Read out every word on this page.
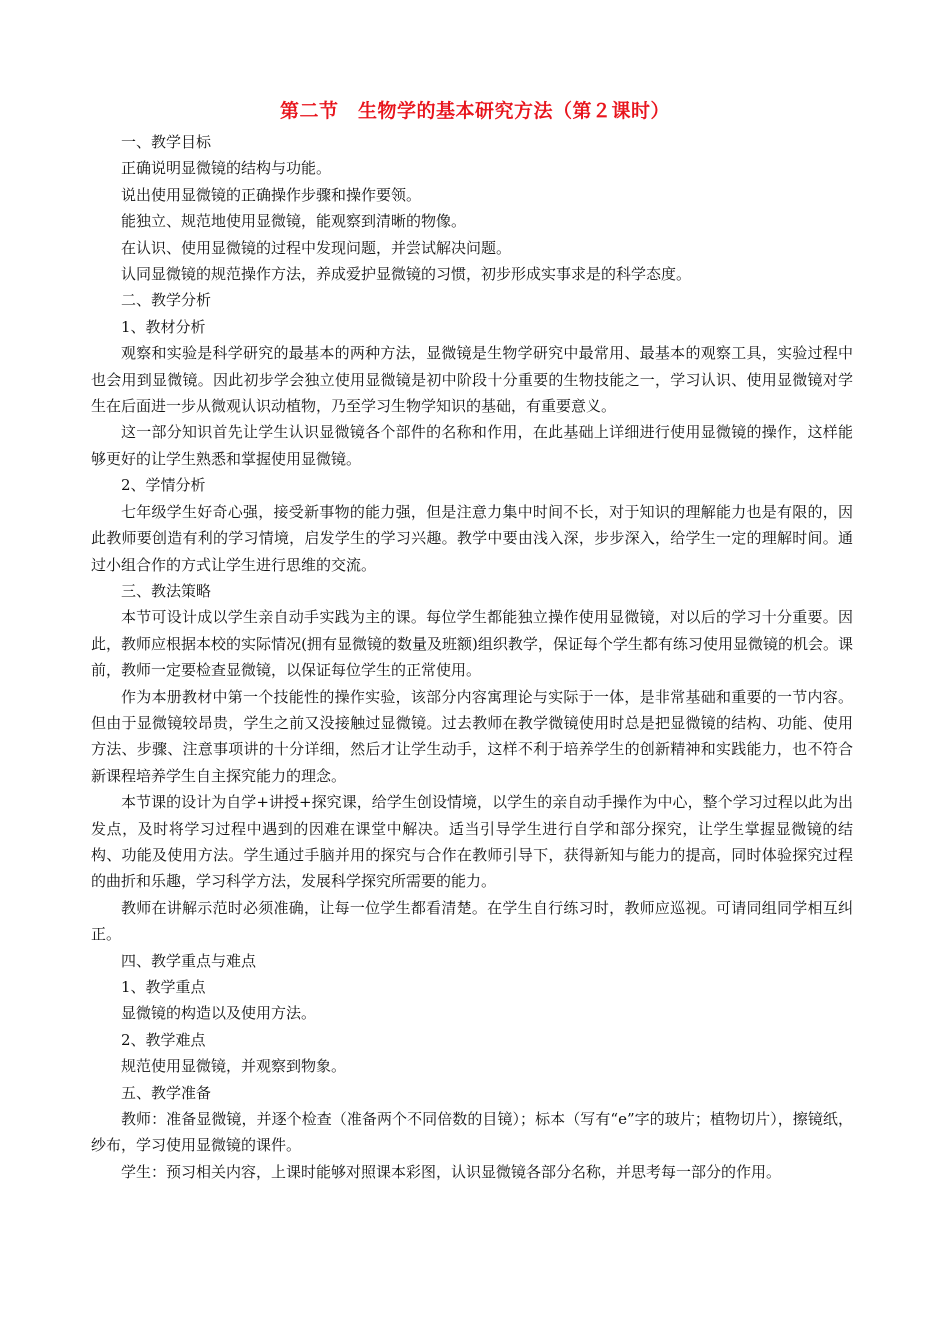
第二节　生物学的基本研究方法（第２课时）

一、教学目标

正确说明显微镜的结构与功能。

说出使用显微镜的正确操作步骤和操作要领。

能独立、规范地使用显微镜，能观察到清晰的物像。

在认识、使用显微镜的过程中发现问题，并尝试解决问题。

认同显微镜的规范操作方法，养成爱护显微镜的习惯，初步形成实事求是的科学态度。

二、教学分析

1、教材分析

观察和实验是科学研究的最基本的两种方法，显微镜是生物学研究中最常用、最基本的观察工具，实验过程中也会用到显微镜。因此初步学会独立使用显微镜是初中阶段十分重要的生物技能之一，学习认识、使用显微镜对学生在后面进一步从微观认识动植物，乃至学习生物学知识的基础，有重要意义。

这一部分知识首先让学生认识显微镜各个部件的名称和作用，在此基础上详细进行使用显微镜的操作，这样能够更好的让学生熟悉和掌握使用显微镜。

2、学情分析

七年级学生好奇心强，接受新事物的能力强，但是注意力集中时间不长，对于知识的理解能力也是有限的，因此教师要创造有利的学习情境，启发学生的学习兴趣。教学中要由浅入深，步步深入，给学生一定的理解时间。通过小组合作的方式让学生进行思维的交流。

三、教法策略

本节可设计成以学生亲自动手实践为主的课。每位学生都能独立操作使用显微镜，对以后的学习十分重要。因此，教师应根据本校的实际情况(拥有显微镜的数量及班额)组织教学，保证每个学生都有练习使用显微镜的机会。课前，教师一定要检查显微镜，以保证每位学生的正常使用。

作为本册教材中第一个技能性的操作实验，该部分内容寓理论与实际于一体，是非常基础和重要的一节内容。但由于显微镜较昂贵，学生之前又没接触过显微镜。过去教师在教学微镜使用时总是把显微镜的结构、功能、使用方法、步骤、注意事项讲的十分详细，然后才让学生动手，这样不利于培养学生的创新精神和实践能力，也不符合新课程培养学生自主探究能力的理念。

本节课的设计为自学+讲授+探究课，给学生创设情境，以学生的亲自动手操作为中心，整个学习过程以此为出发点，及时将学习过程中遇到的因难在课堂中解决。适当引导学生进行自学和部分探究，让学生掌握显微镜的结构、功能及使用方法。学生通过手脑并用的探究与合作在教师引导下，获得新知与能力的提高，同时体验探究过程的曲折和乐趣，学习科学方法，发展科学探究所需要的能力。

教师在讲解示范时必须准确，让每一位学生都看清楚。在学生自行练习时，教师应巡视。可请同组同学相互纠正。

四、教学重点与难点

1、教学重点

显微镜的构造以及使用方法。

2、教学难点

规范使用显微镜，并观察到物象。

五、教学准备

教师：准备显微镜，并逐个检查（准备两个不同倍数的目镜）；标本（写有“e”字的玻片；植物切片），擦镜纸，纱布，学习使用显微镜的课件。

学生：预习相关内容，上课时能够对照课本彩图，认识显微镜各部分名称，并思考每一部分的作用。
